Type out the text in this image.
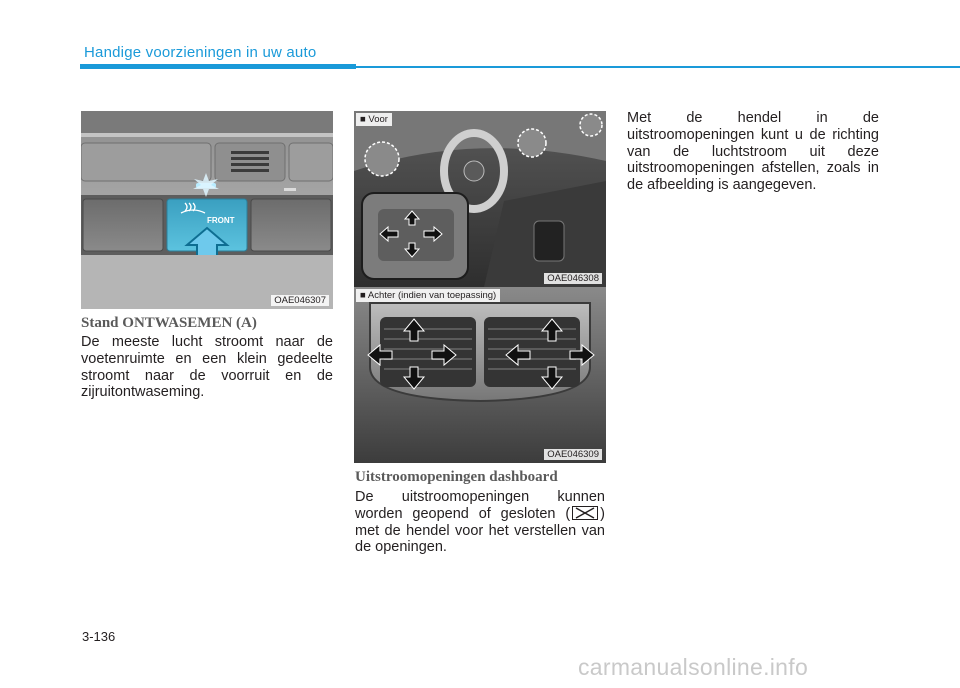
Handige voorzieningen in uw auto
FRONT
OAE046307
Stand ONTWASEMEN (A)
De meeste lucht stroomt naar de voetenruimte en een klein gedeelte stroomt naar de voorruit en de zijruitontwaseming.
■ Voor
OAE046308
■ Achter (indien van toepassing)
OAE046309
Uitstroomopeningen dashboard
De uitstroomopeningen kunnen worden geopend of gesloten ( ) met de hendel voor het verstellen van de openingen.
Met de hendel in de uitstroomopeningen kunt u de richting van de luchtstroom uit deze uitstroomopeningen afstellen, zoals in de afbeelding is aangegeven.
3-136
carmanualsonline.info
